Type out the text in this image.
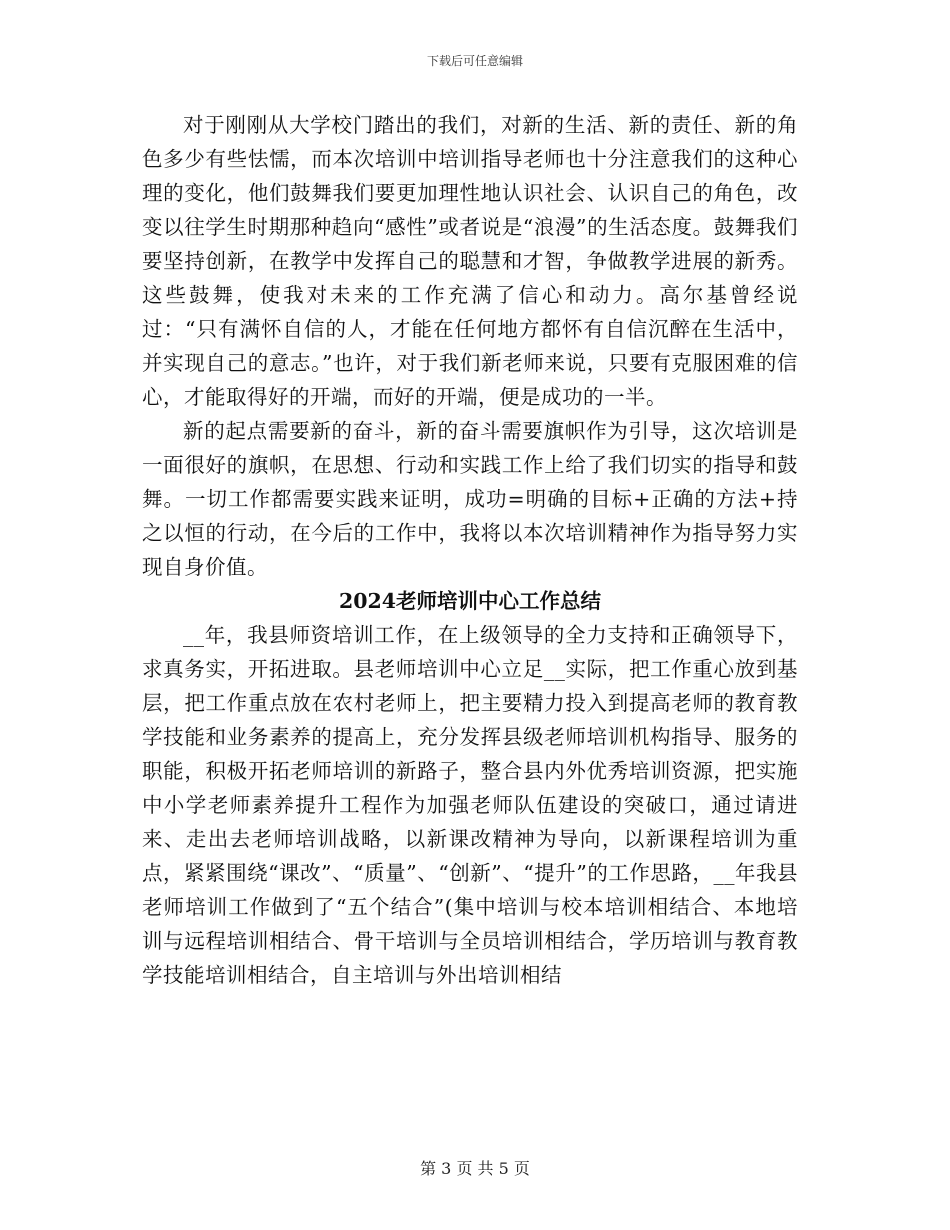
下载后可任意编辑

对于刚刚从大学校门踏出的我们，对新的生活、新的责任、新的角色多少有些怯懦，而本次培训中培训指导老师也十分注意我们的这种心理的变化，他们鼓舞我们要更加理性地认识社会、认识自己的角色，改变以往学生时期那种趋向“感性”或者说是“浪漫”的生活态度。鼓舞我们要坚持创新，在教学中发挥自己的聪慧和才智，争做教学进展的新秀。这些鼓舞，使我对未来的工作充满了信心和动力。高尔基曾经说过：“只有满怀自信的人，才能在任何地方都怀有自信沉醉在生活中，并实现自己的意志。”也许，对于我们新老师来说，只要有克服困难的信心，才能取得好的开端，而好的开端，便是成功的一半。

新的起点需要新的奋斗，新的奋斗需要旗帜作为引导，这次培训是一面很好的旗帜，在思想、行动和实践工作上给了我们切实的指导和鼓舞。一切工作都需要实践来证明，成功=明确的目标+正确的方法+持之以恒的行动，在今后的工作中，我将以本次培训精神作为指导努力实现自身价值。

2024老师培训中心工作总结

__年，我县师资培训工作，在上级领导的全力支持和正确领导下，求真务实，开拓进取。县老师培训中心立足__实际，把工作重心放到基层，把工作重点放在农村老师上，把主要精力投入到提高老师的教育教学技能和业务素养的提高上，充分发挥县级老师培训机构指导、服务的职能，积极开拓老师培训的新路子，整合县内外优秀培训资源，把实施中小学老师素养提升工程作为加强老师队伍建设的突破口，通过请进来、走出去老师培训战略，以新课改精神为导向，以新课程培训为重点，紧紧围绕“课改”、“质量”、“创新”、“提升”的工作思路，__年我县老师培训工作做到了“五个结合”(集中培训与校本培训相结合、本地培训与远程培训相结合、骨干培训与全员培训相结合，学历培训与教育教学技能培训相结合，自主培训与外出培训相结

第 3 页 共 5 页
